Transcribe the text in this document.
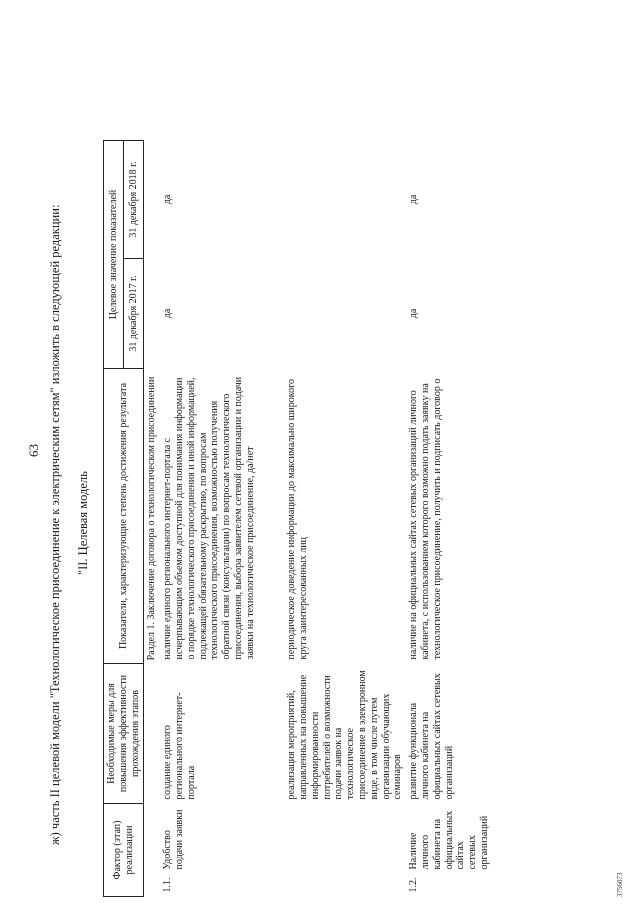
63 ж) часть II целевой модели "Технологическое присоединение к электрическим сетям" изложить в следующей редакции: "II. Целевая модель
Фактор (этап) реализации		Необходимые меры для повышения эффективности прохождения этапов	Показатели, характеризующие степень достижения результата	Целевое значение показателей	
				31 декабря 2017 г.	31 декабря 2018 г.
Раздел 1. Заключение договора о технологическом присоединении					
1.1.	Удобство подачи заявки	создание единого регионального интернет-портала	наличие единого регионального интернет-портала с исчерпывающим объемом доступной для понимания информации о порядке технологического присоединения и иной информацией, подлежащей обязательному раскрытию, по вопросам технологического присоединения, возможностью получения обратной связи (консультации) по вопросам технологического присоединения, выбора заявителем сетевой организации и подачи заявки на технологическое присоединение, да/нет	да	да
		реализация мероприятий, направленных на повышение информированности потребителей о возможности подачи заявок на технологическое присоединение в электронном виде, в том числе путем организации обучающих семинаров	периодическое доведение информации до максимально широкого круга заинтересованных лиц		
1.2.	Наличие личного кабинета на официальных сайтах сетевых организаций	развитие функционала личного кабинета на официальных сайтах сетевых организаций	наличие на официальных сайтах сетевых организаций личного кабинета, с использованием которого возможно подать заявку на технологическое присоединение, получить и подписать договор о	да	да
3756073
